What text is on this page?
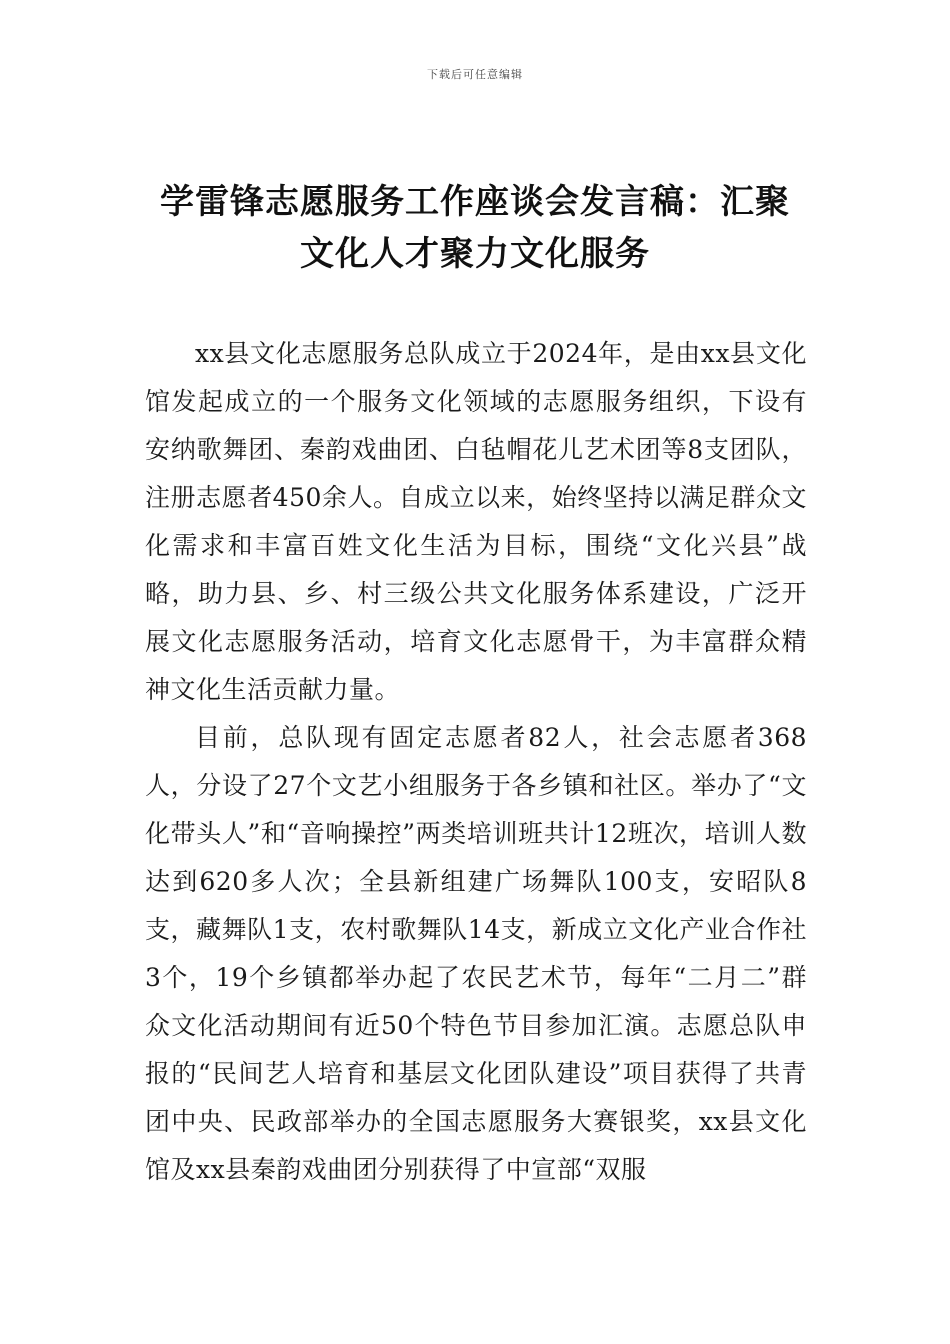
下载后可任意编辑
学雷锋志愿服务工作座谈会发言稿：汇聚
文化人才聚力文化服务

xx县文化志愿服务总队成立于2024年，是由xx县文化馆发起成立的一个服务文化领域的志愿服务组织，下设有安纳歌舞团、秦韵戏曲团、白毡帽花儿艺术团等8支团队，注册志愿者450余人。自成立以来，始终坚持以满足群众文化需求和丰富百姓文化生活为目标，围绕“文化兴县”战略，助力县、乡、村三级公共文化服务体系建设，广泛开展文化志愿服务活动，培育文化志愿骨干，为丰富群众精神文化生活贡献力量。

目前，总队现有固定志愿者82人，社会志愿者368人，分设了27个文艺小组服务于各乡镇和社区。举办了“文化带头人”和“音响操控”两类培训班共计12班次，培训人数达到620多人次；全县新组建广场舞队100支，安昭队8支，藏舞队1支，农村歌舞队14支，新成立文化产业合作社3个，19个乡镇都举办起了农民艺术节，每年“二月二”群众文化活动期间有近50个特色节目参加汇演。志愿总队申报的“民间艺人培育和基层文化团队建设”项目获得了共青团中央、民政部举办的全国志愿服务大赛银奖，xx县文化馆及xx县秦韵戏曲团分别获得了中宣部“双服
